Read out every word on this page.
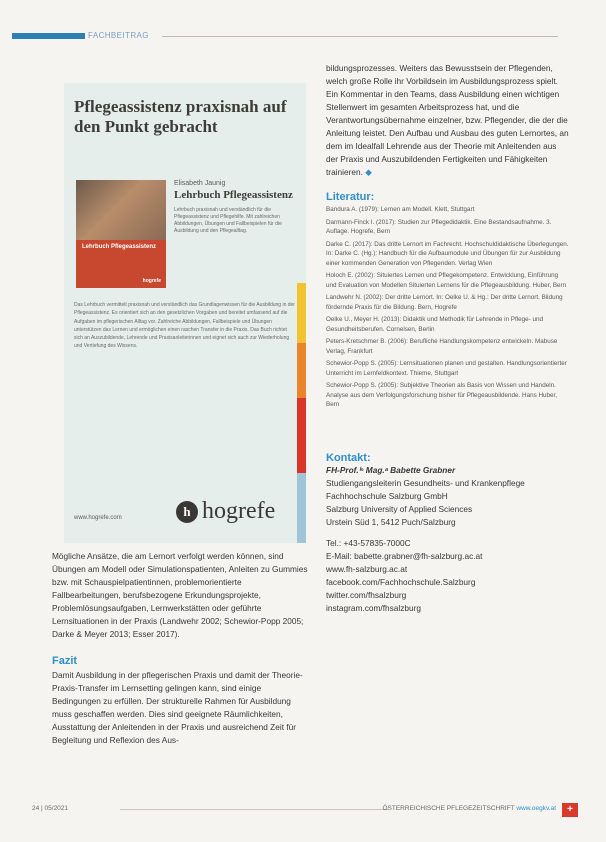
FACHBEITRAG
Pflegeassistenz praxisnah auf den Punkt gebracht
Lehrbuch Pflegeassistenz
hogrefe

Elisabeth Jaunig

Lehrbuch Pflegeassistenz

Lehrbuch praxisnah und verständlich für die Pflegeassistenz und Pflegehilfe. Mit zahlreichen Abbildungen, Übungen und Fallbeispielen für die Ausbildung und den Pflegealltag.

Das Lehrbuch vermittelt praxisnah und verständlich das Grundlagenwissen für die Ausbildung in der Pflegeassistenz. Es orientiert sich an den gesetzlichen Vorgaben und bereitet umfassend auf die Aufgaben im pflegerischen Alltag vor. Zahlreiche Abbildungen, Fallbeispiele und Übungen unterstützen das Lernen und ermöglichen einen raschen Transfer in die Praxis. Das Buch richtet sich an Auszubildende, Lehrende und Praxisanleiterinnen und eignet sich auch zur Wiederholung und Vertiefung des Wissens.

www.hogrefe.com	h hogrefe

Mögliche Ansätze, die am Lernort verfolgt werden können, sind Übungen am Modell oder Simulationspatienten, Anleiten zu Gummies bzw. mit Schauspielpatientinnen, problemorientierte Fallbearbeitungen, berufsbezogene Erkundungsprojekte, Problemlösungsaufgaben, Lernwerkstätten oder geführte Lernsituationen in der Praxis (Landwehr 2002; Schewior-Popp 2005; Darke & Meyer 2013; Esser 2017).

Fazit

Damit Ausbildung in der pflegerischen Praxis und damit der Theorie-Praxis-Transfer im Lernsetting gelingen kann, sind einige Bedingungen zu erfüllen. Der strukturelle Rahmen für Ausbildung muss geschaffen werden. Dies sind geeignete Räumlichkeiten, Ausstattung der Anleitenden in der Praxis und ausreichend Zeit für Begleitung und Reflexion des Aus-

bildungsprozesses. Weiters das Bewusstsein der Pflegenden, welch große Rolle ihr Vorbildsein im Ausbildungsprozess spielt. Ein Kommentar in den Teams, dass Ausbildung einen wichtigen Stellenwert im gesamten Arbeitsprozess hat, und die Verantwortungsübernahme einzelner, bzw. Pflegender, die der die Anleitung leistet. Den Aufbau und Ausbau des guten Lernortes, an dem im Idealfall Lehrende aus der Theorie mit Anleitenden aus der Praxis und Auszubildenden Fertigkeiten und Fähigkeiten trainieren. ◆

Literatur:

Bandura A. (1979): Lernen am Modell. Klett, Stuttgart

Darmann-Finck I. (2017): Studien zur Pflegedidaktik. Eine Bestandsaufnahme. 3. Auflage. Hogrefe, Bern

Darke C. (2017): Das dritte Lernort im Fachrecht. Hochschuldidaktische Überlegungen. In: Darke C. (Hg.): Handbuch für die Aufbaumodule und Übungen für zur Ausbildung einer kommenden Generation von Pflegenden. Verlag Wien

Holoch E. (2002): Situiertes Lernen und Pflegekompetenz. Entwicklung, Einführung und Evaluation von Modellen Situierten Lernens für die Pflegeausbildung. Huber, Bern

Landwehr N. (2002): Der dritte Lernort. In: Oelke U. & Hg.: Der dritte Lernort. Bildung fördernde Praxis für die Bildung. Bern, Hogrefe

Oelke U., Meyer H. (2013): Didaktik und Methodik für Lehrende in Pflege- und Gesundheitsberufen. Cornelsen, Berlin

Peters-Kretschmer B. (2006): Berufliche Handlungskompetenz entwickeln. Mabuse Verlag, Frankfurt

Schewior-Popp S. (2005): Lernsituationen planen und gestalten. Handlungsorientierter Unterricht im Lernfeldkontext. Thieme, Stuttgart

Schewior-Popp S. (2005): Subjektive Theorien als Basis von Wissen und Handeln. Analyse aus dem Verfolgungsforschung bisher für Pflegeausbildende. Hans Huber, Bern

Kontakt:

FH-Prof.ⁱⁿ Mag.ᵃ Babette Grabner

Studiengangsleiterin Gesundheits- und Krankenpflege

Fachhochschule Salzburg GmbH

Salzburg University of Applied Sciences

Urstein Süd 1, 5412 Puch/Salzburg

Tel.: +43-57835-7000C

E-Mail: babette.grabner@fh-salzburg.ac.at

www.fh-salzburg.ac.at

facebook.com/Fachhochschule.Salzburg

twitter.com/fhsalzburg

instagram.com/fhsalzburg

24 | 05/2021	ÖSTERREICHISCHE PFLEGEZEITSCHRIFT www.oegkv.at	+
